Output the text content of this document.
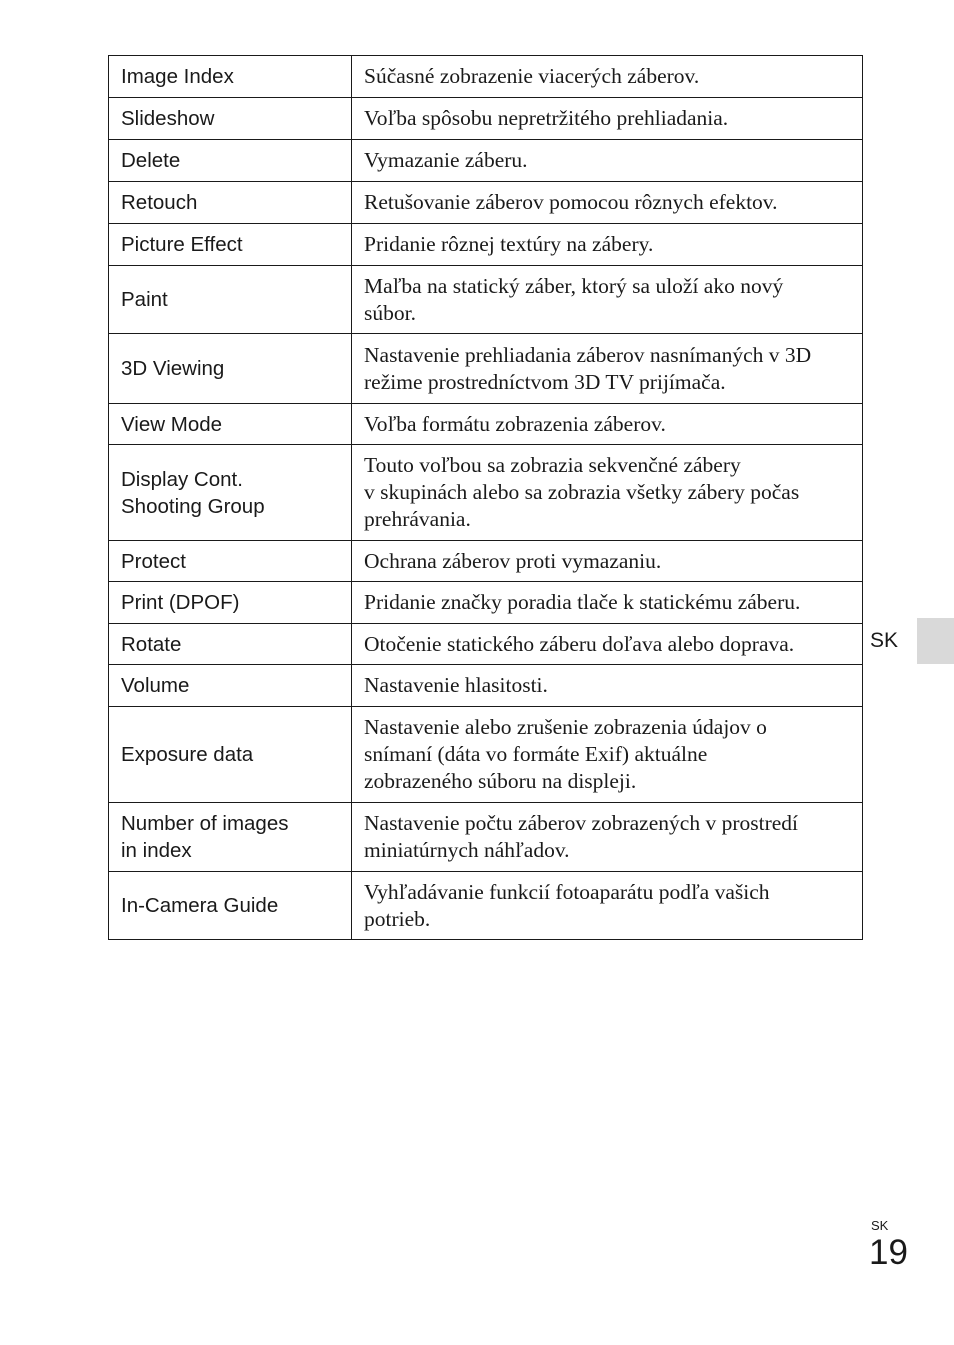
Image Index	Súčasné zobrazenie viacerých záberov.

Slideshow	Voľba spôsobu nepretržitého prehliadania.

Delete	Vymazanie záberu.

Retouch	Retušovanie záberov pomocou rôznych efektov.

Picture Effect	Pridanie rôznej textúry na zábery.

Paint	Maľba na statický záber, ktorý sa uloží ako nový
súbor.

3D Viewing	Nastavenie prehliadania záberov nasnímaných v 3D
režime prostredníctvom 3D TV prijímača.

View Mode	Voľba formátu zobrazenia záberov.

Display Cont.
Shooting Group	Touto voľbou sa zobrazia sekvenčné zábery
v skupinách alebo sa zobrazia všetky zábery počas
prehrávania.

Protect	Ochrana záberov proti vymazaniu.

Print (DPOF)	Pridanie značky poradia tlače k statickému záberu.

Rotate	Otočenie statického záberu doľava alebo doprava.

Volume	Nastavenie hlasitosti.

Exposure data	Nastavenie alebo zrušenie zobrazenia údajov o
snímaní (dáta vo formáte Exif) aktuálne
zobrazeného súboru na displeji.

Number of images
in index	Nastavenie počtu záberov zobrazených v prostredí
miniatúrnych náhľadov.

In-Camera Guide	Vyhľadávanie funkcií fotoaparátu podľa vašich
potrieb.
SK
SK
19
